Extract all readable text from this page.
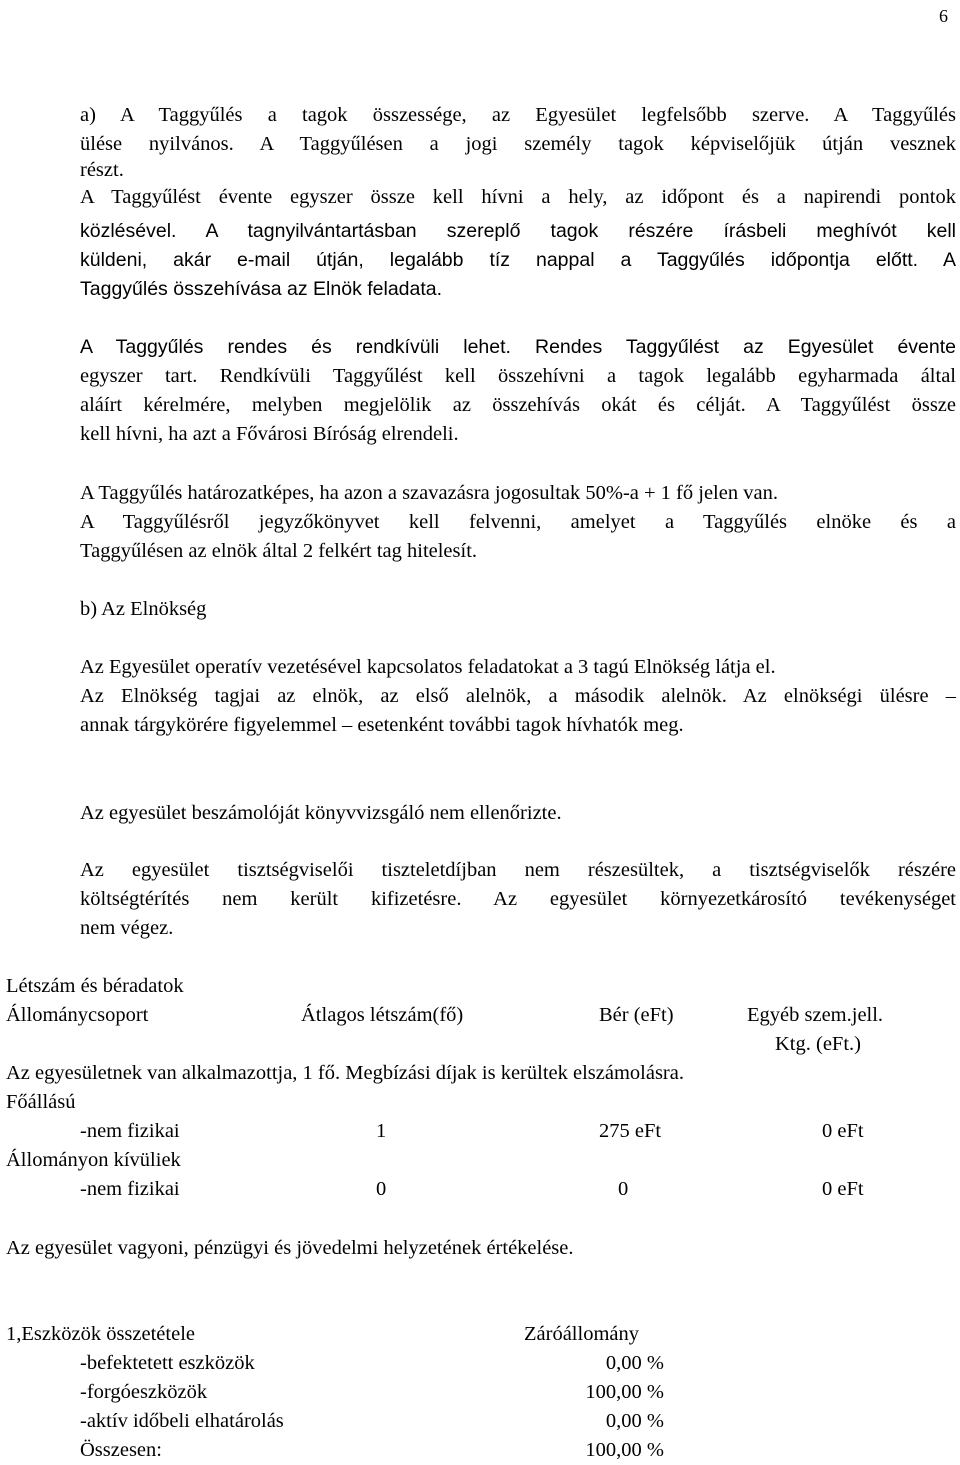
6
a) A Taggyűlés a tagok összessége, az Egyesület legfelsőbb szerve. A Taggyűlés
ülése nyilvános. A Taggyűlésen a jogi személy tagok képviselőjük útján vesznek
részt.
A Taggyűlést évente egyszer össze kell hívni a hely, az időpont és a napirendi pontok
közlésével. A tagnyilvántartásban szereplő tagok részére írásbeli meghívót kell
küldeni, akár e-mail útján, legalább tíz nappal a Taggyűlés időpontja előtt. A
Taggyűlés összehívása az Elnök feladata.
A Taggyűlés rendes és rendkívüli lehet. Rendes Taggyűlést az Egyesület évente
egyszer tart. Rendkívüli Taggyűlést kell összehívni a tagok legalább egyharmada által
aláírt kérelmére, melyben megjelölik az összehívás okát és célját. A Taggyűlést össze
kell hívni, ha azt a Fővárosi Bíróság elrendeli.
A Taggyűlés határozatképes, ha azon a szavazásra jogosultak 50%-a + 1 fő jelen van.
A Taggyűlésről jegyzőkönyvet kell felvenni, amelyet a Taggyűlés elnöke és a
Taggyűlésen az elnök által 2 felkért tag hitelesít.
b) Az Elnökség
Az Egyesület operatív vezetésével kapcsolatos feladatokat a 3 tagú Elnökség látja el.
Az Elnökség tagjai az elnök, az első alelnök, a második alelnök. Az elnökségi ülésre –
annak tárgykörére figyelemmel – esetenként további tagok hívhatók meg.
Az egyesület beszámolóját könyvvizsgáló nem ellenőrizte.
Az egyesület tisztségviselői tiszteletdíjban nem részesültek, a tisztségviselők részére
költségtérítés nem került kifizetésre. Az egyesület környezetkárosító tevékenységet
nem végez.
Létszám és béradatok
Állománycsoport	Átlagos létszám(fő)	Bér (eFt)	Egyéb szem.jell.
Ktg. (eFt.)
Az egyesületnek van alkalmazottja, 1 fő. Megbízási díjak is kerültek elszámolásra.
Főállású
-nem fizikai	1	275 eFt	0 eFt
Állományon kívüliek
-nem fizikai	0	0	0 eFt
Az egyesület vagyoni, pénzügyi és jövedelmi helyzetének értékelése.
1,Eszközök összetétele	Záróállomány
-befektetett eszközök	0,00 %
-forgóeszközök	100,00 %
-aktív időbeli elhatárolás	0,00 %
Összesen:	100,00 %
